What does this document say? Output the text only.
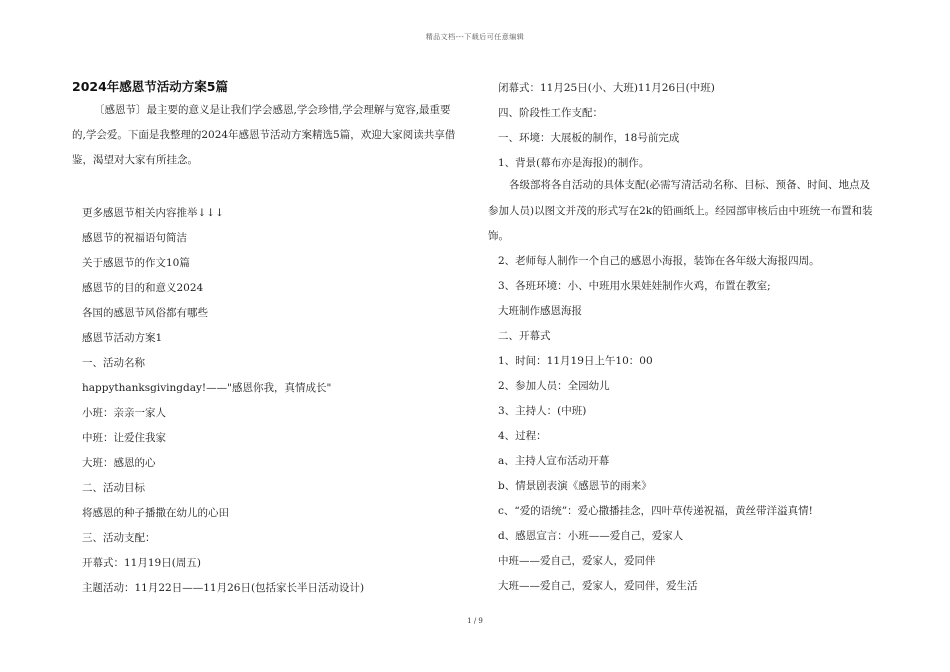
精品文档---下载后可任意编辑
2024年感恩节活动方案5篇
〔感恩节〕最主要的意义是让我们学会感恩,学会珍惜,学会理解与宽容,最重要的,学会爱。下面是我整理的2024年感恩节活动方案精选5篇，欢迎大家阅读共享借鉴，渴望对大家有所挂念。
更多感恩节相关内容推举↓↓↓
感恩节的祝福语句简洁
关于感恩节的作文10篇
感恩节的目的和意义2024
各国的感恩节风俗都有哪些
感恩节活动方案1
一、活动名称
happythanksgivingday!——"感恩你我，真情成长"
小班：亲亲一家人
中班：让爱住我家
大班：感恩的心
二、活动目标
将感恩的种子播撒在幼儿的心田
三、活动支配：
开幕式：11月19日(周五)
主题活动：11月22日——11月26日(包括家长半日活动设计)
闭幕式：11月25日(小、大班)11月26日(中班)
四、阶段性工作支配：
一、环境：大展板的制作，18号前完成
1、背景(幕布亦是海报)的制作。
各级部将各自活动的具体支配(必需写清活动名称、目标、预备、时间、地点及参加人员)以图文并茂的形式写在2k的铅画纸上。经园部审核后由中班统一布置和装饰。
2、老师每人制作一个自己的感恩小海报，装饰在各年级大海报四周。
3、各班环境：小、中班用水果娃娃制作火鸡，布置在教室;
大班制作感恩海报
二、开幕式
1、时间：11月19日上午10：00
2、参加人员：全园幼儿
3、主持人：(中班)
4、过程：
a、主持人宣布活动开幕
b、情景剧表演《感恩节的雨来》
c、“爱的语统”：爱心撒播挂念，四叶草传递祝福，黄丝带洋溢真情!
d、感恩宣言：小班——爱自己，爱家人
中班——爱自己，爱家人，爱同伴
大班——爱自己，爱家人，爱同伴，爱生活
1 / 9
